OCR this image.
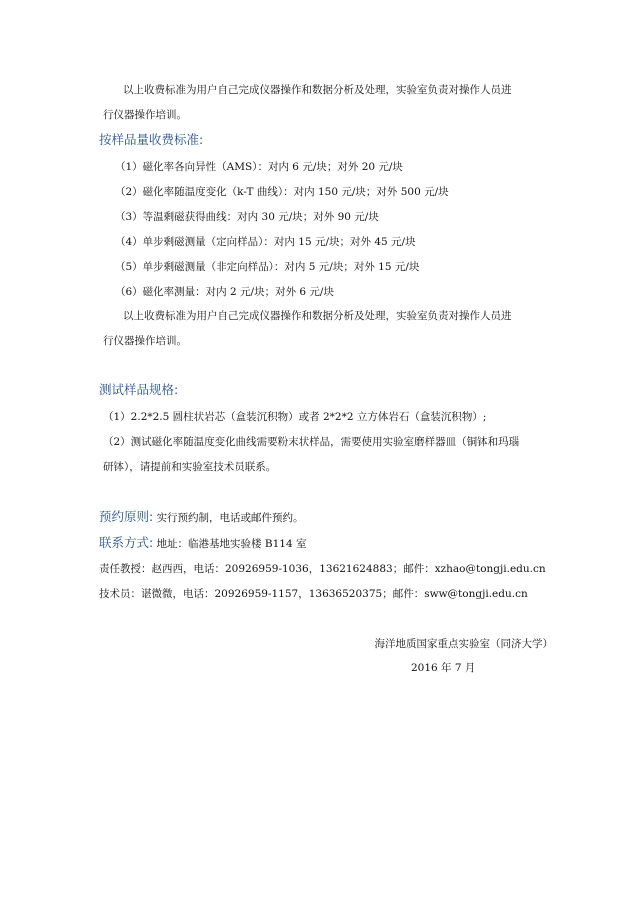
以上收费标准为用户自己完成仪器操作和数据分析及处理，实验室负责对操作人员进
行仪器操作培训。
按样品量收费标准:
（1）磁化率各向异性（AMS）：对内 6 元/块；对外 20 元/块
（2）磁化率随温度变化（k-T 曲线）：对内 150 元/块；对外 500 元/块
（3）等温剩磁获得曲线：对内 30 元/块；对外 90 元/块
（4）单步剩磁测量（定向样品）：对内 15 元/块；对外 45 元/块
（5）单步剩磁测量（非定向样品）：对内 5 元/块；对外 15 元/块
（6）磁化率测量：对内 2 元/块；对外 6 元/块
以上收费标准为用户自己完成仪器操作和数据分析及处理，实验室负责对操作人员进
行仪器操作培训。
测试样品规格:
（1）2.2*2.5 圆柱状岩芯（盒装沉积物）或者 2*2*2 立方体岩石（盒装沉积物）;
（2）测试磁化率随温度变化曲线需要粉末状样品，需要使用实验室磨样器皿（铜钵和玛瑙
研钵），请提前和实验室技术员联系。
预约原则: 实行预约制，电话或邮件预约。
联系方式: 地址：临港基地实验楼 B114 室
责任教授：赵西西，电话：20926959-1036，13621624883；邮件：xzhao@tongji.edu.cn
技术员：谌微微，电话：20926959-1157，13636520375；邮件：sww@tongji.edu.cn
海洋地质国家重点实验室（同济大学）
2016 年 7 月
